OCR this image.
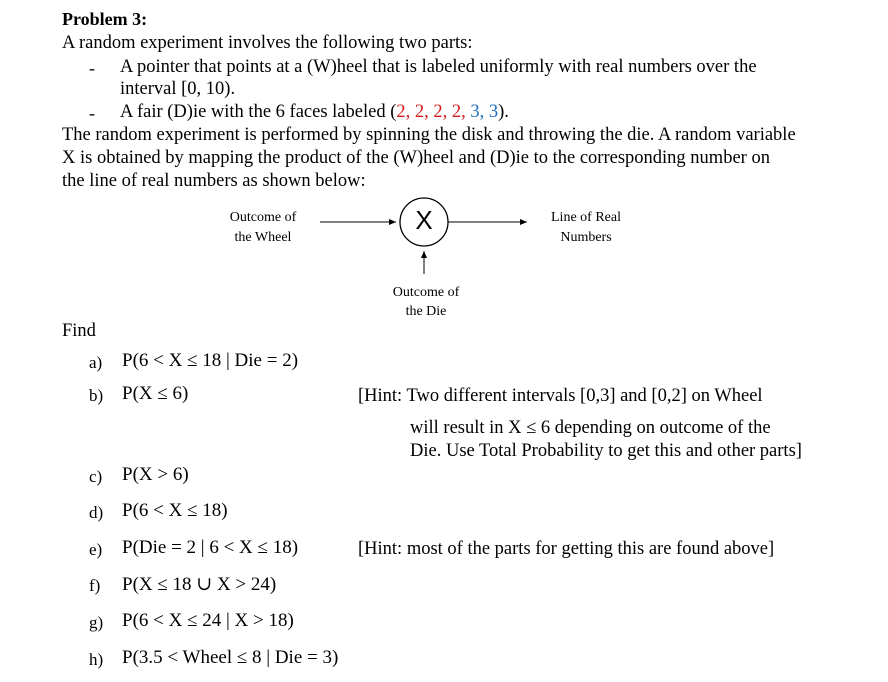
Problem 3:
A random experiment involves the following two parts:
- A pointer that points at a (W)heel that is labeled uniformly with real numbers over the
interval [0, 10).
- A fair (D)ie with the 6 faces labeled (2, 2, 2, 2, 3, 3).
The random experiment is performed by spinning the disk and throwing the die. A random variable
X is obtained by mapping the product of the (W)heel and (D)ie to the corresponding number on
the line of real numbers as shown below:
Outcome of
the Wheel
X	Line of Real
Numbers
Outcome of
the Die
Find
a) P(6 < X ≤ 18 | Die = 2)
b) P(X ≤ 6)
c) P(X > 6)
d) P(6 < X ≤ 18)
e) P(Die = 2 | 6 < X ≤ 18)
f) P(X ≤ 18 ∪ X > 24)
g) P(6 < X ≤ 24 | X > 18)
h) P(3.5 < Wheel ≤ 8 | Die = 3)
[Hint: Two different intervals [0,3] and [0,2] on Wheel
will result in X ≤ 6 depending on outcome of the
Die. Use Total Probability to get this and other parts]
[Hint: most of the parts for getting this are found above]
